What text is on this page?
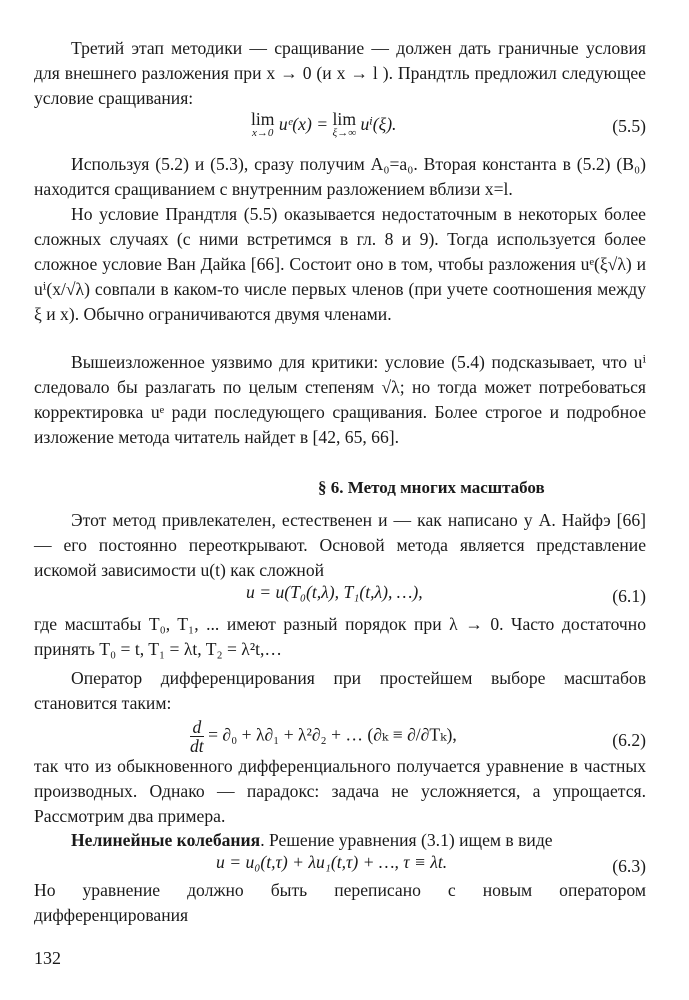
Третий этап методики — сращивание — должен дать граничные условия для внешнего разложения при x → 0 (и x → l ). Прандтль предложил следующее условие сращивания:

lim
x→0 uᵉ(x) = lim
ξ→∞ uⁱ(ξ).	(5.5)

Используя (5.2) и (5.3), сразу получим A₀=a₀. Вторая константа в (5.2) (B₀) находится сращиванием с внутренним разложением вблизи x=l.

Но условие Прандтля (5.5) оказывается недостаточным в некоторых более сложных случаях (с ними встретимся в гл. 8 и 9). Тогда используется более сложное условие Ван Дайка [66]. Состоит оно в том, чтобы разложения uᵉ(ξ√λ) и uⁱ(x/√λ) совпали в каком-то числе первых членов (при учете соотношения между ξ и x). Обычно ограничиваются двумя членами.

Вышеизложенное уязвимо для критики: условие (5.4) подсказывает, что uⁱ следовало бы разлагать по целым степеням √λ; но тогда может потребоваться корректировка uᵉ ради последующего сращивания. Более строгое и подробное изложение метода читатель найдет в [42, 65, 66].

§ 6. Метод многих масштабов

Этот метод привлекателен, естественен и — как написано у А. Найфэ [66] — его постоянно переоткрывают. Основой метода является представление искомой зависимости u(t) как сложной

u = u(T₀(t,λ), T₁(t,λ), …),	(6.1)

где масштабы T₀, T₁, ... имеют разный порядок при λ → 0. Часто достаточно принять T₀ = t, T₁ = λt, T₂ = λ²t,…

Оператор дифференцирования при простейшем выборе масштабов становится таким:

$\frac{d}{dt} = \partial_0 + \lambda\partial_1 + \lambda^2\partial_2$ + … (∂ₖ ≡ ∂/∂Tₖ),	(6.2)

так что из обыкновенного дифференциального получается уравнение в частных производных. Однако — парадокс: задача не усложняется, а упрощается. Рассмотрим два примера.

Нелинейные колебания. Решение уравнения (3.1) ищем в виде

u = u₀(t,τ) + λu₁(t,τ) + …, τ ≡ λt.	(6.3)

Но уравнение должно быть переписано с новым оператором дифференцирования

132
